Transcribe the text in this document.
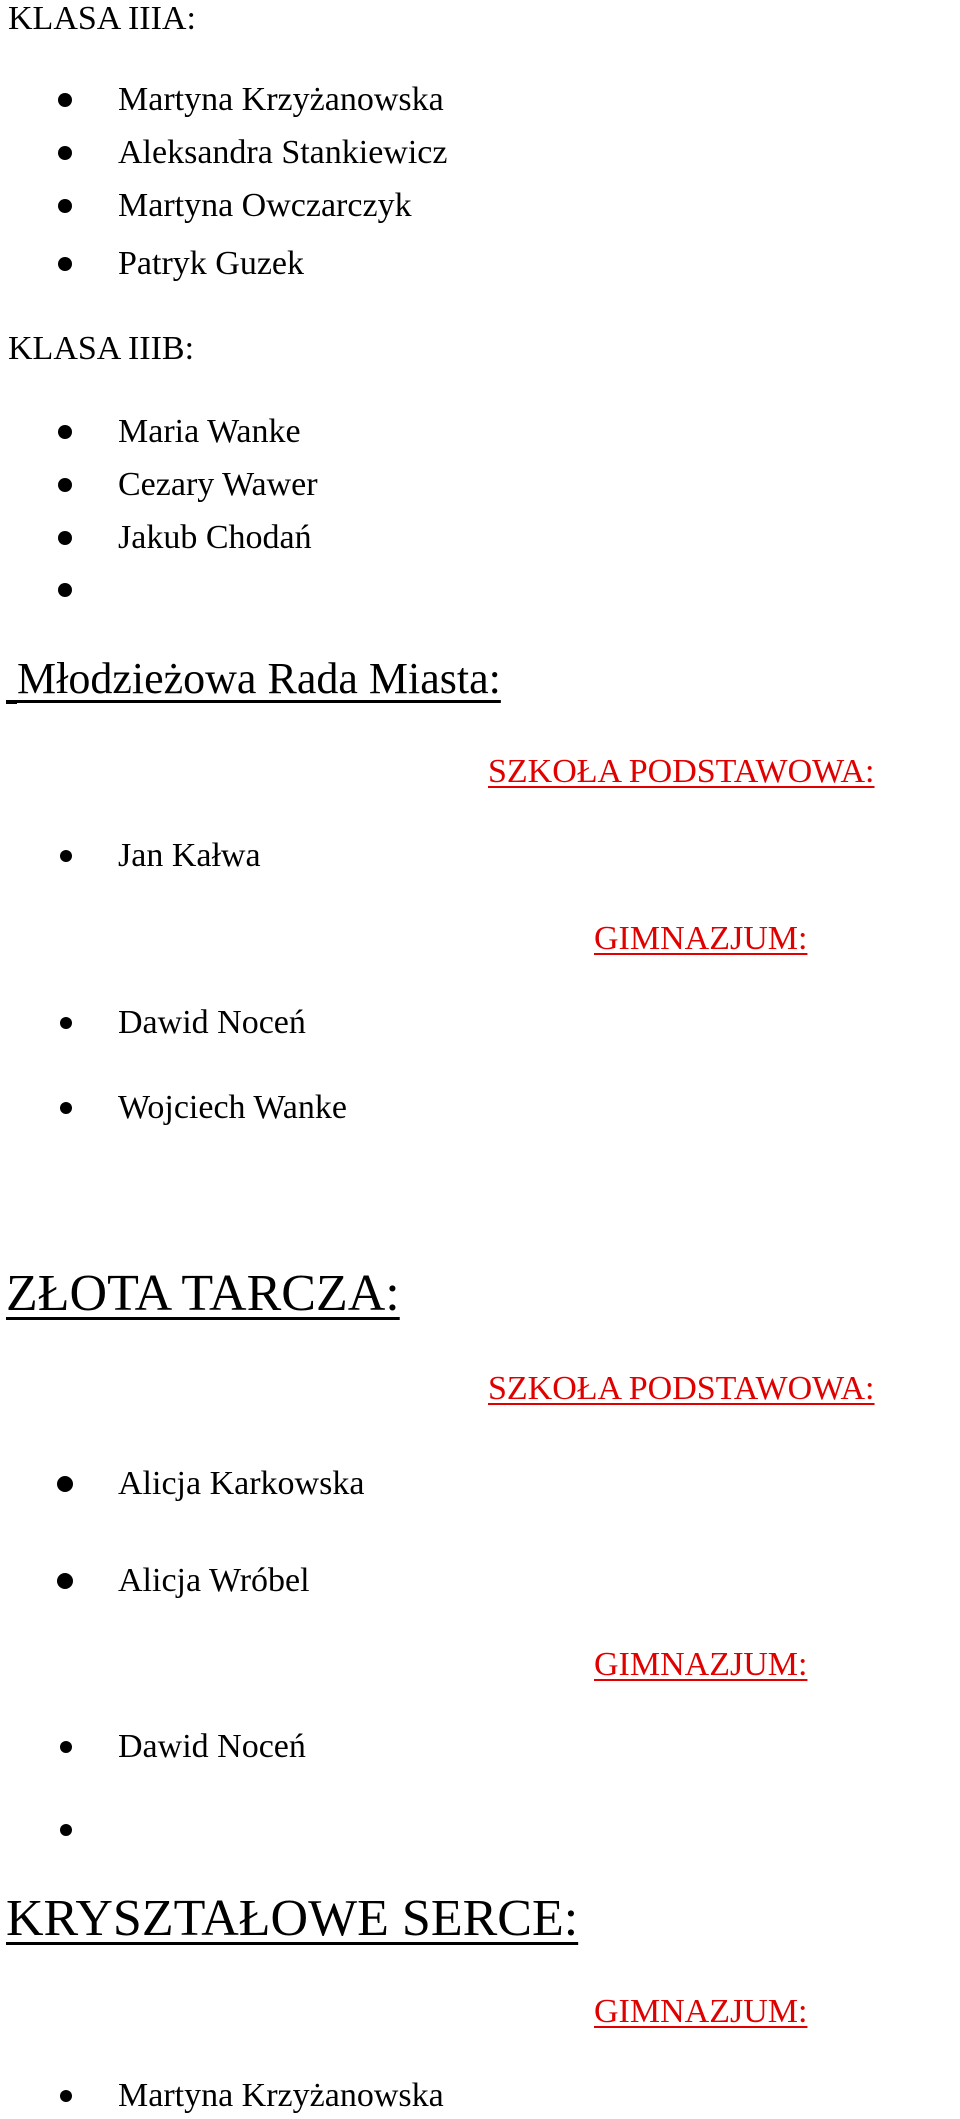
KLASA IIIA:
Martyna Krzyżanowska
Aleksandra Stankiewicz
Martyna Owczarczyk
Patryk Guzek
KLASA IIIB:
Maria Wanke
Cezary Wawer
Jakub Chodań
Młodzieżowa Rada Miasta:
SZKOŁA PODSTAWOWA:
Jan Kałwa
GIMNAZJUM:
Dawid Noceń
Wojciech Wanke
ZŁOTA TARCZA:
SZKOŁA PODSTAWOWA:
Alicja Karkowska
Alicja Wróbel
GIMNAZJUM:
Dawid Noceń
KRYSZTAŁOWE SERCE:
GIMNAZJUM:
Martyna Krzyżanowska
